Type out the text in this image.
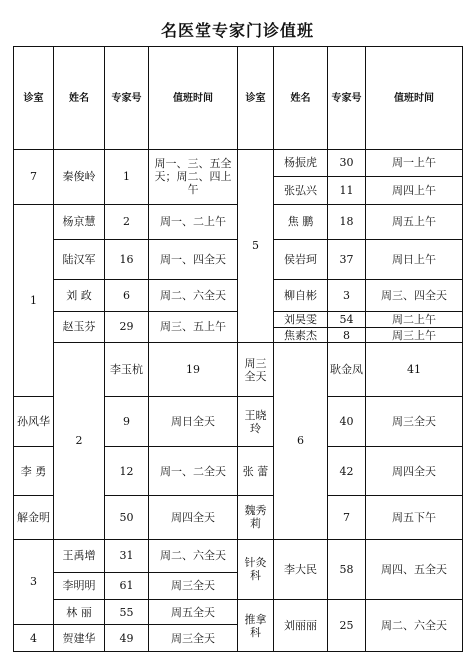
名医堂专家门诊值班
诊室	姓名	专家号	值班时间	诊室	姓名	专家号	值班时间	
7	秦俊岭	1	周一、三、五全天；周二、四上午	5	杨振虎	30	周一上午	
					张弘兴	11	周四上午	
1	杨京慧	2	周一、二上午		焦 鹏	18	周五上午	
	陆汉军	16	周一、四全天		侯岩珂	37	周日上午	
	刘 政	6	周二、六全天		柳自彬	3	周三、四全天	
	赵玉芬	29	周三、五上午		刘昊雯	54	周二上午	
					焦素杰	8	周三上午	
	2	李玉杭	19	周三全天	6	耿金凤	41	
孙风华		9	周日全天	王晓玲		40	周三全天	
李 勇		12	周一、二全天	张 蕾		42	周四全天	
解金明		50	周四全天	魏秀莉		7	周五下午	
3	王禹增	31	周二、六全天	针灸科	李大民	58	周四、五全天	
	李明明	61	周三全天					
	林 丽	55	周五全天	推拿科	刘丽丽	25	周二、六全天	
4	贺建华	49	周三全天					
